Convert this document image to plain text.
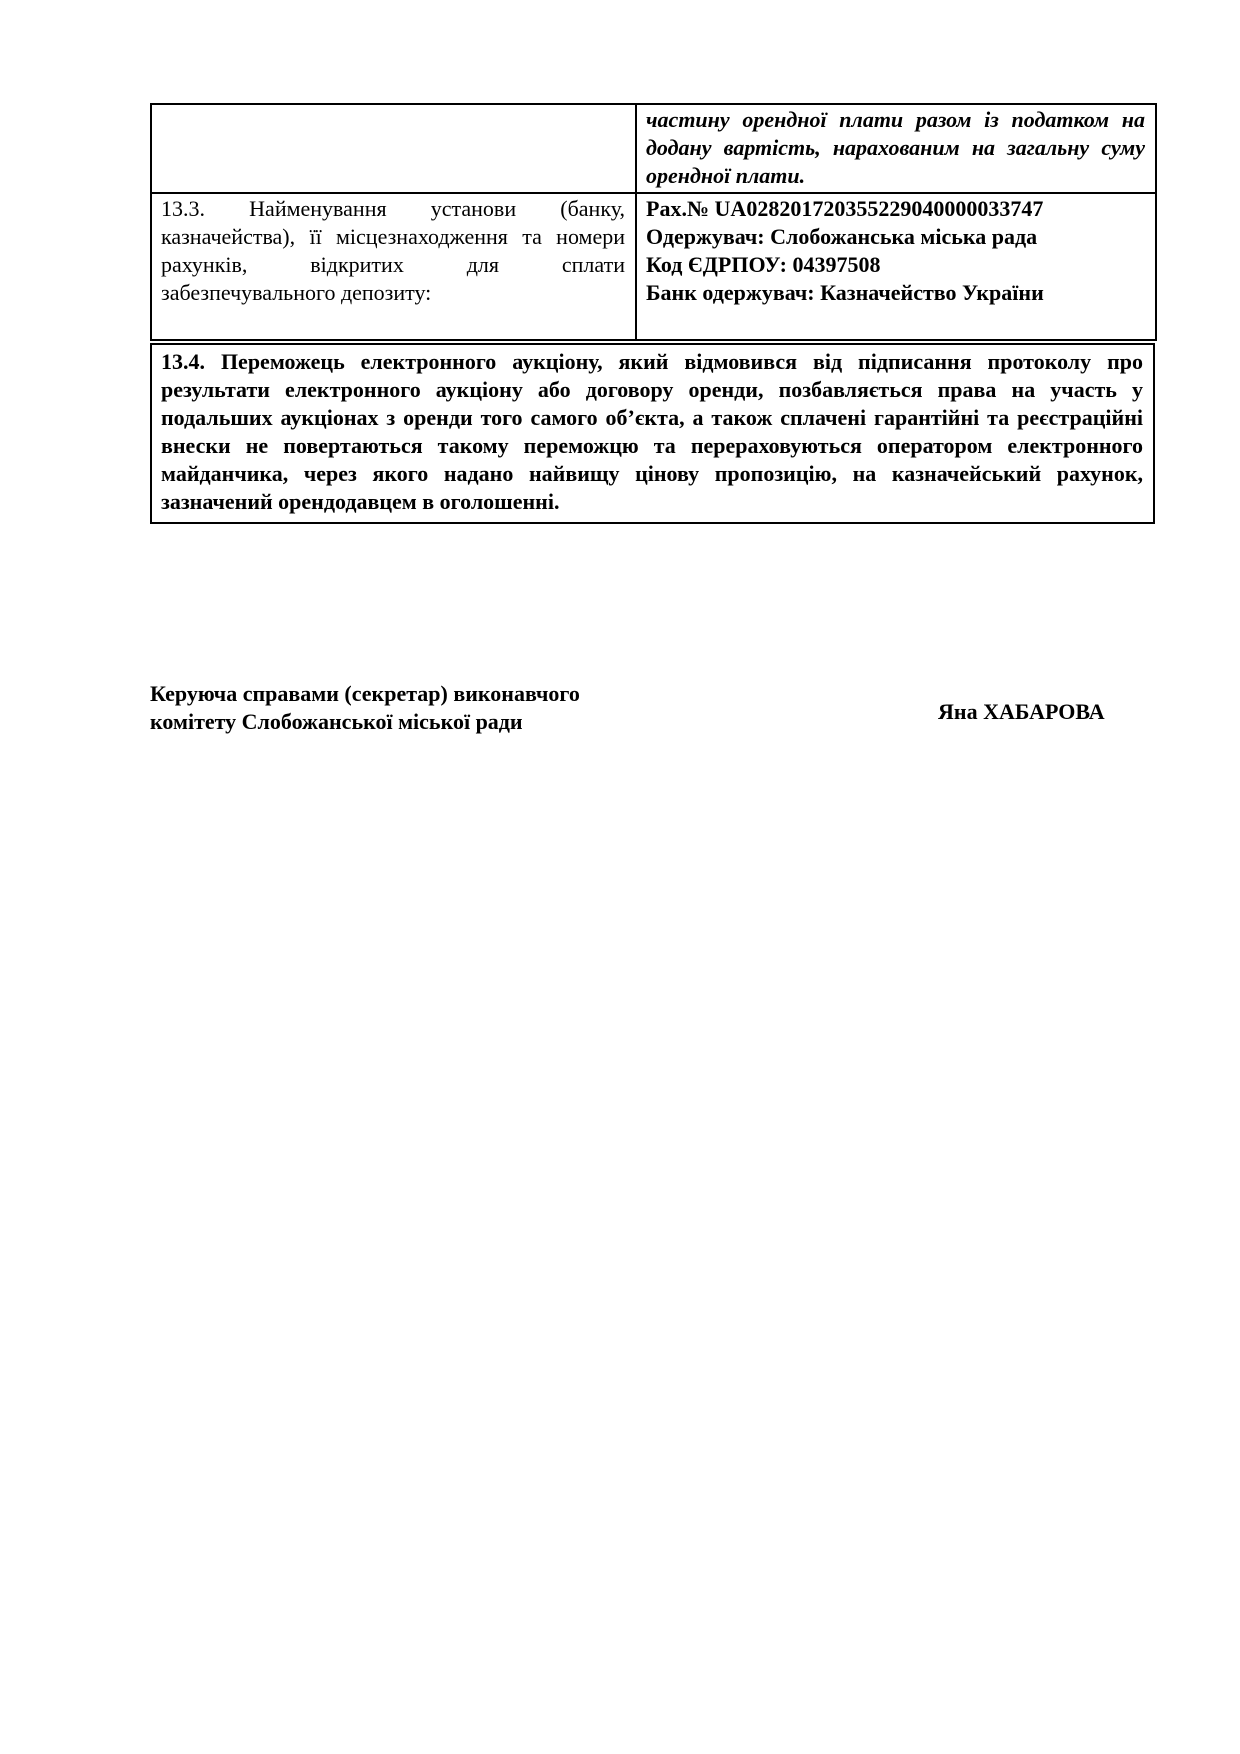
	частину орендної плати разом із податком на додану вартість, нарахованим на загальну суму орендної плати.
13.3. Найменування установи (банку, казначейства), її місцезнаходження та номери рахунків, відкритих для сплати забезпечувального депозиту:	Рах.№ UA028201720355229040000033747
Одержувач: Слобожанська міська рада
Код ЄДРПОУ: 04397508
Банк одержувач: Казначейство України
13.4. Переможець електронного аукціону, який відмовився від підписання протоколу про результати електронного аукціону або договору оренди, позбавляється права на участь у подальших аукціонах з оренди того самого об’єкта, а також сплачені гарантійні та реєстраційні внески не повертаються такому переможцю та перераховуються оператором електронного майданчика, через якого надано найвищу цінову пропозицію, на казначейський рахунок, зазначений орендодавцем в оголошенні.
Керуюча справами (секретар) виконавчого комітету Слобожанської міської ради	Яна ХАБАРОВА
